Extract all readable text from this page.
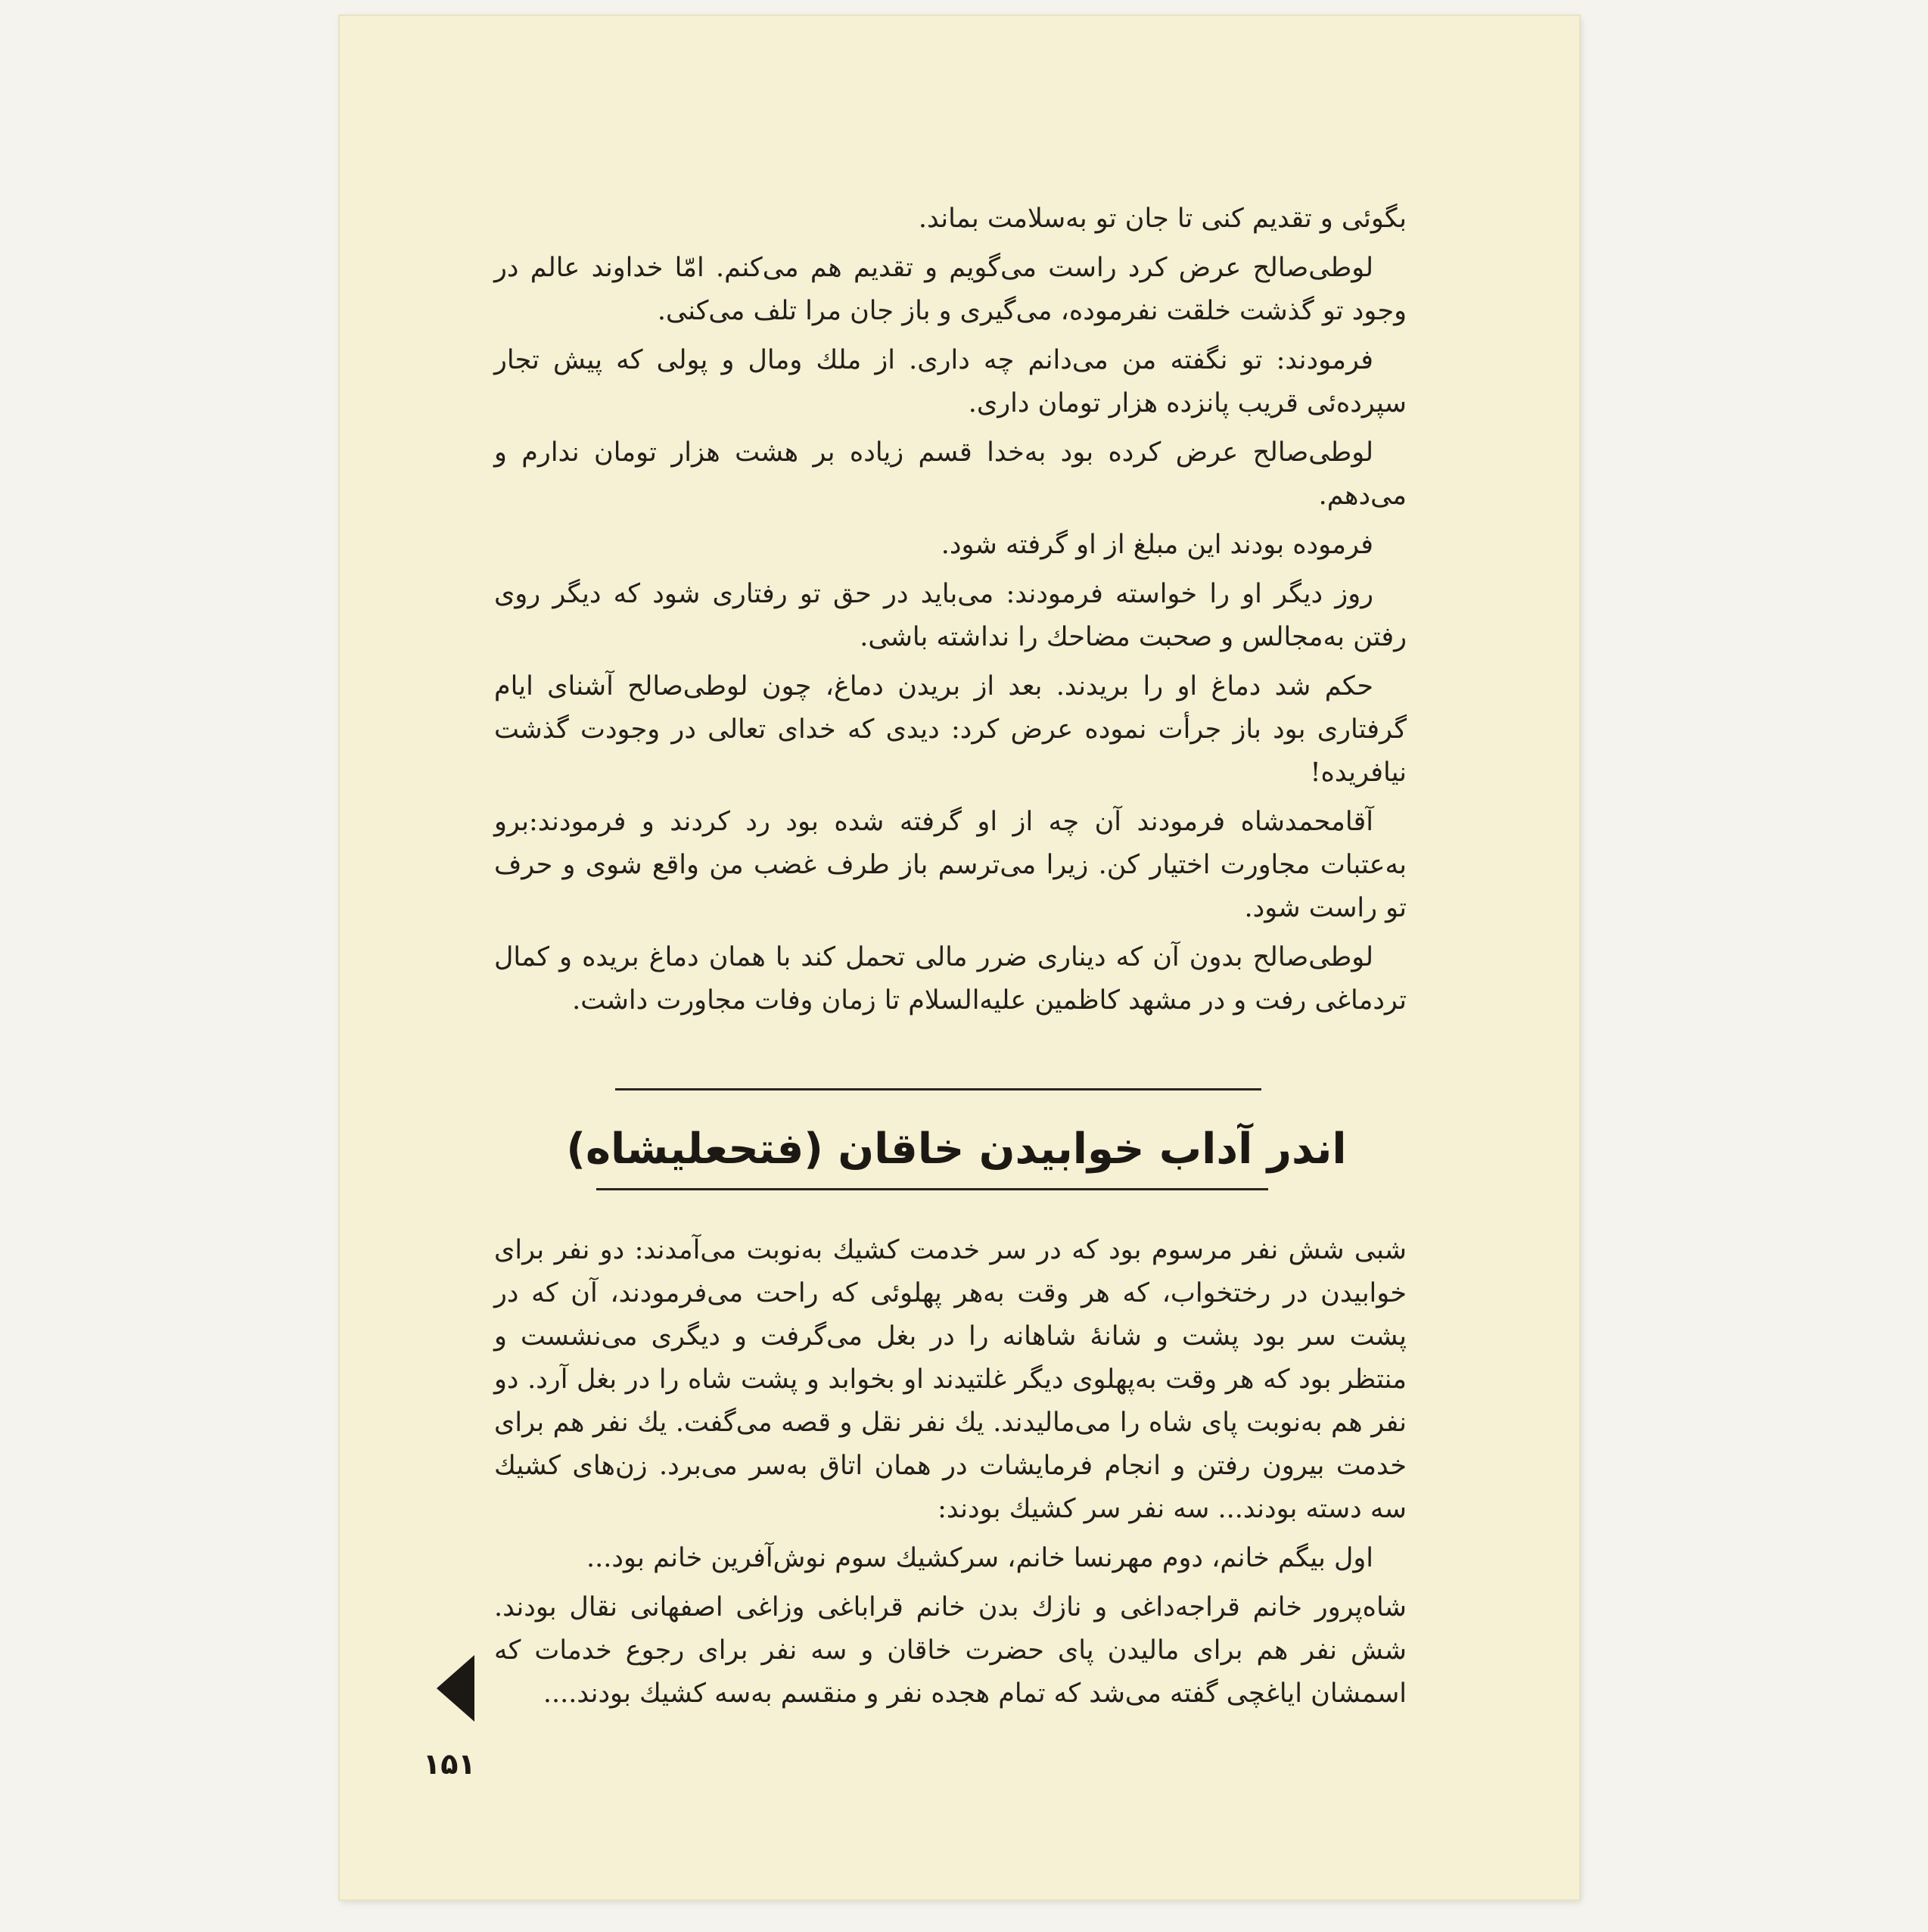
بگوئی و تقدیم کنی تا جان تو به‌سلامت بماند.

لوطی‌صالح عرض کرد راست می‌گویم و تقدیم هم می‌کنم. امّا خداوند عالم در وجود تو گذشت خلقت نفرموده، می‌گیری و باز جان مرا تلف می‌کنی.

فرمودند: تو نگفته من می‌دانم چه داری. از ملك ومال و پولی که پیش تجار سپرده‌ئی قریب پانزده هزار تومان داری.

لوطی‌صالح عرض کرده بود به‌خدا قسم زیاده بر هشت هزار تومان ندارم و می‌دهم.

فرموده بودند این مبلغ از او گرفته شود.

روز دیگر او را خواسته فرمودند: می‌باید در حق تو رفتاری شود که دیگر روی رفتن به‌مجالس و صحبت مضاحك را نداشته باشی.

حکم شد دماغ او را بریدند. بعد از بریدن دماغ، چون لوطی‌صالح آشنای ایام گرفتاری بود باز جرأت نموده عرض کرد: دیدی که خدای تعالی در وجودت گذشت نیافریده!

آقامحمدشاه فرمودند آن چه از او گرفته شده بود رد کردند و فرمودند:برو به‌عتبات مجاورت اختیار کن. زیرا می‌ترسم باز طرف غضب من واقع شوی و حرف تو راست شود.

لوطی‌صالح بدون آن که دیناری ضرر مالی تحمل کند با همان دماغ بریده و کمال تردماغی رفت و در مشهد کاظمین علیه‌السلام تا زمان وفات مجاورت داشت.

اندر آداب خوابیدن خاقان (فتحعلیشاه)

شبی شش نفر مرسوم بود که در سر خدمت کشیك به‌نوبت می‌آمدند: دو نفر برای خوابیدن در رختخواب، که هر وقت به‌هر پهلوئی که راحت می‌فرمودند، آن که در پشت سر بود پشت و شانهٔ شاهانه را در بغل می‌گرفت و دیگری می‌نشست و منتظر بود که هر وقت به‌پهلوی دیگر غلتیدند او بخوابد و پشت شاه را در بغل آرد. دو نفر هم به‌نوبت پای شاه را می‌مالیدند. یك نفر نقل و قصه می‌گفت. یك نفر هم برای خدمت بیرون رفتن و انجام فرمایشات در همان اتاق به‌سر می‌برد. زن‌های کشیك سه دسته بودند... سه نفر سر کشیك بودند:

اول بیگم خانم، دوم مهرنسا خانم، سرکشیك سوم نوش‌آفرین خانم بود...

شاه‌پرور خانم قراجه‌داغی و نازك بدن خانم قراباغی وزاغی اصفهانی نقال بودند. شش نفر هم برای مالیدن پای حضرت خاقان و سه نفر برای رجوع خدمات که اسمشان اياغچی گفته می‌شد که تمام هجده نفر و منقسم به‌سه کشیك بودند....

۱۵۱
